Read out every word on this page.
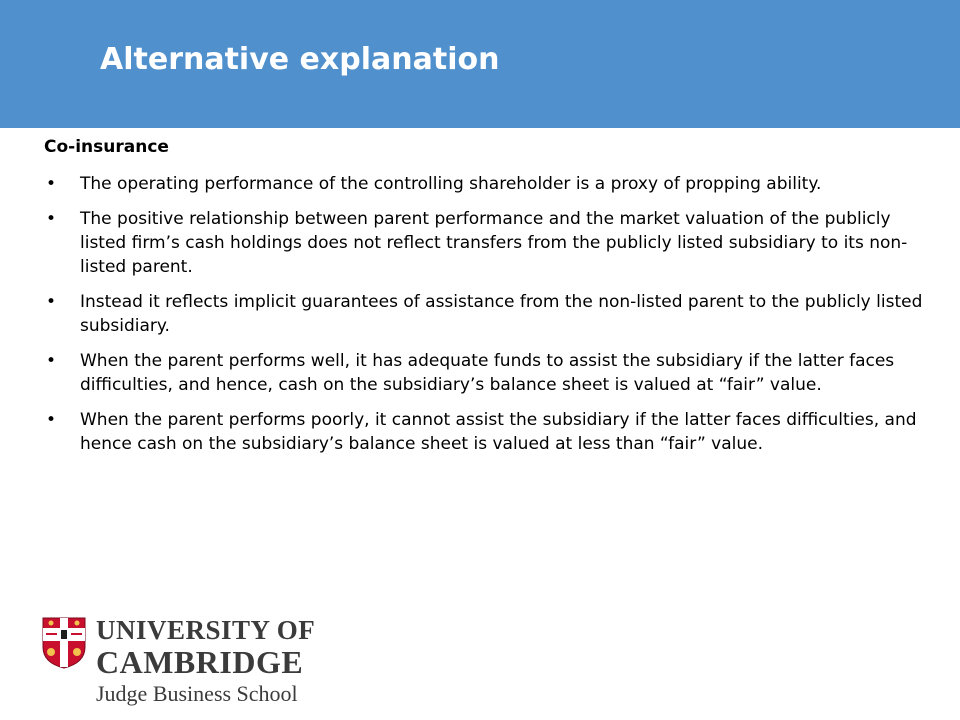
Alternative explanation
Co-insurance
• The operating performance of the controlling shareholder is a proxy of propping ability.
• The positive relationship between parent performance and the market valuation of the publicly listed firm’s cash holdings does not reflect transfers from the publicly listed subsidiary to its non-listed parent.
• Instead it reflects implicit guarantees of assistance from the non-listed parent to the publicly listed subsidiary.
• When the parent performs well, it has adequate funds to assist the subsidiary if the latter faces difficulties, and hence, cash on the subsidiary’s balance sheet is valued at “fair” value.
• When the parent performs poorly, it cannot assist the subsidiary if the latter faces difficulties, and hence cash on the subsidiary’s balance sheet is valued at less than “fair” value.
UNIVERSITY OF
CAMBRIDGE
Judge Business School
